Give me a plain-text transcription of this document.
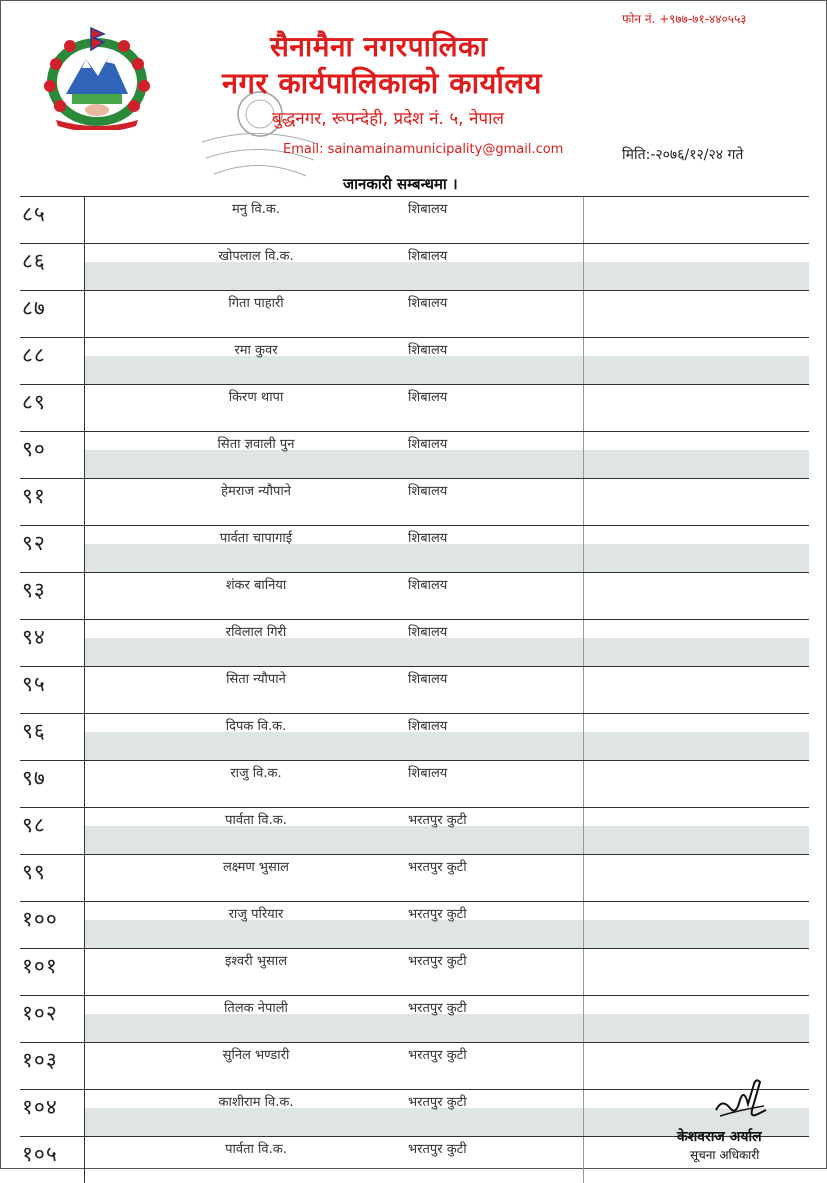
फोन नं. +९७७-७१-४४०५५३
सैनामैना नगरपालिका
नगर कार्यपालिकाको कार्यालय
बुद्धनगर, रूपन्देही, प्रदेश नं. ५, नेपाल
Email: sainamainamunicipality@gmail.com	मिति:-२०७६/१२/२४ गते
जानकारी सम्बन्धमा ।
८५	मनु वि.क.	शिबालय
८६	खोपलाल वि.क.	शिबालय
८७	गिता पाहारी	शिबालय
८८	रमा कुवर	शिबालय
८९	किरण थापा	शिबालय
९०	सिता ज्ञवाली पुन	शिबालय
९१	हेमराज न्यौपाने	शिबालय
९२	पार्वता चापागाई	शिबालय
९३	शंकर बानिया	शिबालय
९४	रविलाल गिरी	शिबालय
९५	सिता न्यौपाने	शिबालय
९६	दिपक वि.क.	शिबालय
९७	राजु वि.क.	शिबालय
९८	पार्वता वि.क.	भरतपुर कुटी
९९	लक्ष्मण भुसाल	भरतपुर कुटी
१००	राजु परियार	भरतपुर कुटी
१०१	इश्वरी भुसाल	भरतपुर कुटी
१०२	तिलक नेपाली	भरतपुर कुटी
१०३	सुनिल भण्डारी	भरतपुर कुटी
१०४	काशीराम वि.क.	भरतपुर कुटी
१०५	पार्वता वि.क.	भरतपुर कुटी
केशवराज अर्याल
सूचना अधिकारी
